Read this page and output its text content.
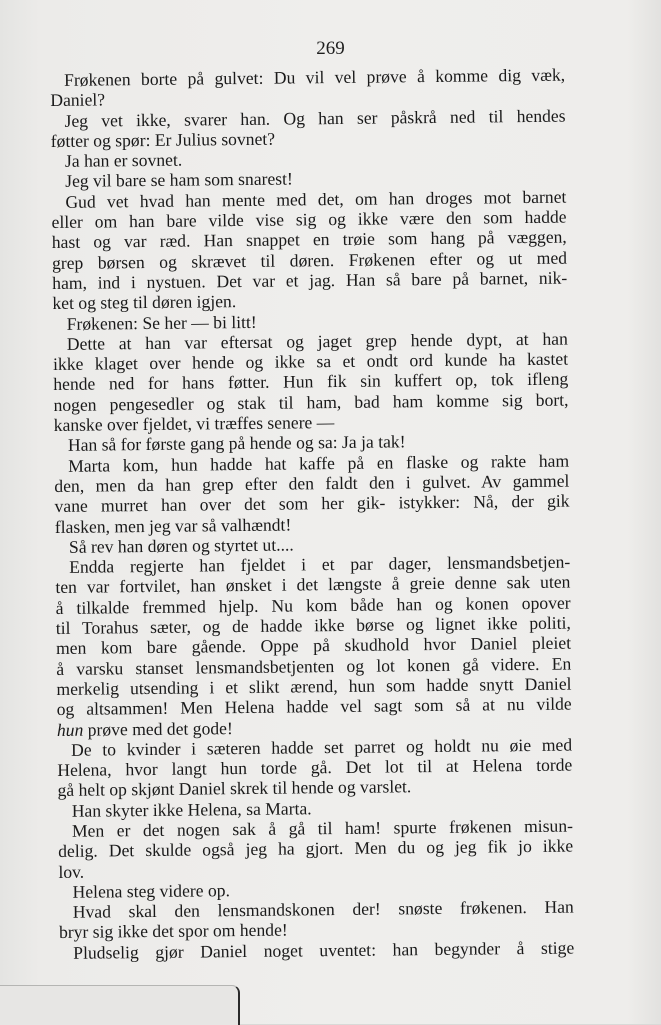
269
Frøkenen borte på gulvet: Du vil vel prøve å komme dig væk,
Daniel?
Jeg vet ikke, svarer han. Og han ser påskrå ned til hendes
føtter og spør: Er Julius sovnet?
Ja han er sovnet.
Jeg vil bare se ham som snarest!
Gud vet hvad han mente med det, om han droges mot barnet
eller om han bare vilde vise sig og ikke være den som hadde
hast og var ræd. Han snappet en trøie som hang på væggen,
grep børsen og skrævet til døren. Frøkenen efter og ut med
ham, ind i nystuen. Det var et jag. Han så bare på barnet, nik-
ket og steg til døren igjen.
Frøkenen: Se her — bi litt!
Dette at han var eftersat og jaget grep hende dypt, at han
ikke klaget over hende og ikke sa et ondt ord kunde ha kastet
hende ned for hans føtter. Hun fik sin kuffert op, tok ifleng
nogen pengesedler og stak til ham, bad ham komme sig bort,
kanske over fjeldet, vi træffes senere —
Han så for første gang på hende og sa: Ja ja tak!
Marta kom, hun hadde hat kaffe på en flaske og rakte ham
den, men da han grep efter den faldt den i gulvet. Av gammel
vane murret han over det som her gik- istykker: Nå, der gik
flasken, men jeg var så valhændt!
Så rev han døren og styrtet ut....
Endda regjerte han fjeldet i et par dager, lensmandsbetjen-
ten var fortvilet, han ønsket i det længste å greie denne sak uten
å tilkalde fremmed hjelp. Nu kom både han og konen opover
til Torahus sæter, og de hadde ikke børse og lignet ikke politi,
men kom bare gående. Oppe på skudhold hvor Daniel pleiet
å varsku stanset lensmandsbetjenten og lot konen gå videre. En
merkelig utsending i et slikt ærend, hun som hadde snytt Daniel
og altsammen! Men Helena hadde vel sagt som så at nu vilde
hun prøve med det gode!
De to kvinder i sæteren hadde set parret og holdt nu øie med
Helena, hvor langt hun torde gå. Det lot til at Helena torde
gå helt op skjønt Daniel skrek til hende og varslet.
Han skyter ikke Helena, sa Marta.
Men er det nogen sak å gå til ham! spurte frøkenen misun-
delig. Det skulde også jeg ha gjort. Men du og jeg fik jo ikke
lov.
Helena steg videre op.
Hvad skal den lensmandskonen der! snøste frøkenen. Han
bryr sig ikke det spor om hende!
Pludselig gjør Daniel noget uventet: han begynder å stige
